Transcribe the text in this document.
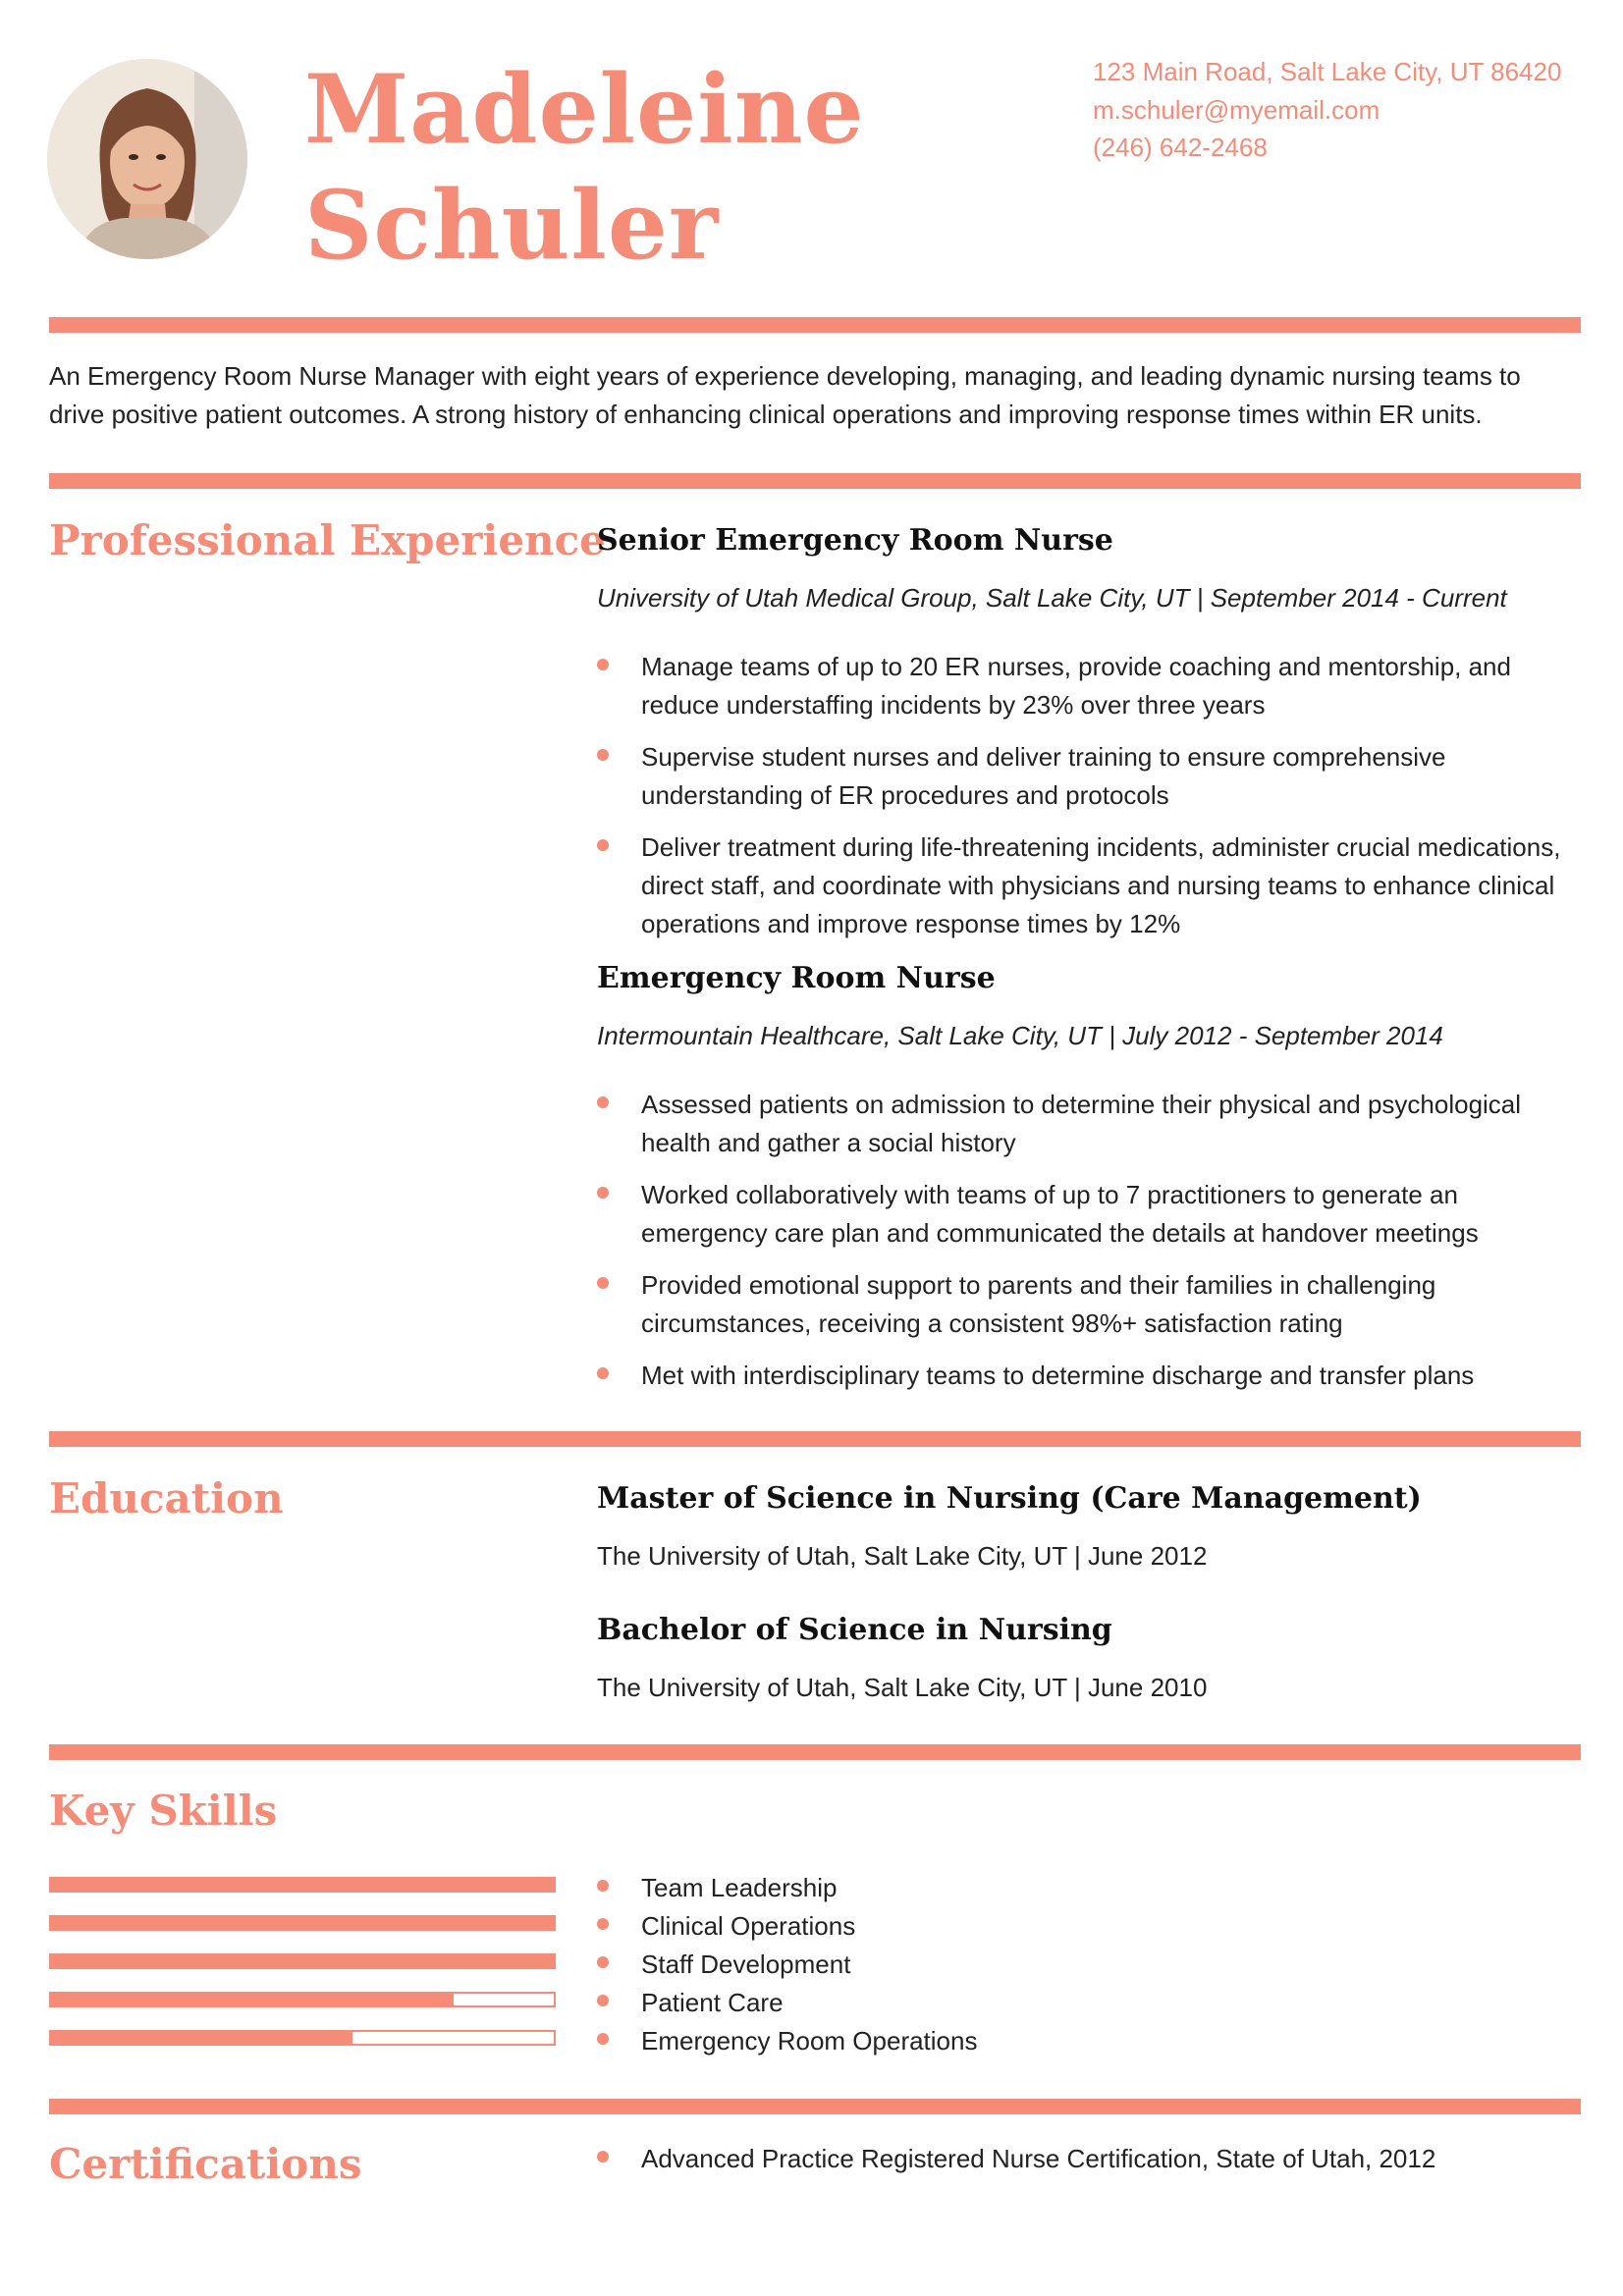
Madeleine
Schuler
123 Main Road, Salt Lake City, UT 86420
m.schuler@myemail.com
(246) 642-2468
An Emergency Room Nurse Manager with eight years of experience developing, managing, and leading dynamic nursing teams to drive positive patient outcomes. A strong history of enhancing clinical operations and improving response times within ER units.
Professional Experience
Senior Emergency Room Nurse
University of Utah Medical Group, Salt Lake City, UT | September 2014 - Current
Manage teams of up to 20 ER nurses, provide coaching and mentorship, and reduce understaffing incidents by 23% over three years
Supervise student nurses and deliver training to ensure comprehensive understanding of ER procedures and protocols
Deliver treatment during life-threatening incidents, administer crucial medications, direct staff, and coordinate with physicians and nursing teams to enhance clinical operations and improve response times by 12%
Emergency Room Nurse
Intermountain Healthcare, Salt Lake City, UT | July 2012 - September 2014
Assessed patients on admission to determine their physical and psychological health and gather a social history
Worked collaboratively with teams of up to 7 practitioners to generate an emergency care plan and communicated the details at handover meetings
Provided emotional support to parents and their families in challenging circumstances, receiving a consistent 98%+ satisfaction rating
Met with interdisciplinary teams to determine discharge and transfer plans
Education	Master of Science in Nursing (Care Management)
The University of Utah, Salt Lake City, UT | June 2012
Bachelor of Science in Nursing
The University of Utah, Salt Lake City, UT | June 2010
Key Skills
Team Leadership
Clinical Operations
Staff Development
Patient Care
Emergency Room Operations
Certifications	Advanced Practice Registered Nurse Certification, State of Utah, 2012
